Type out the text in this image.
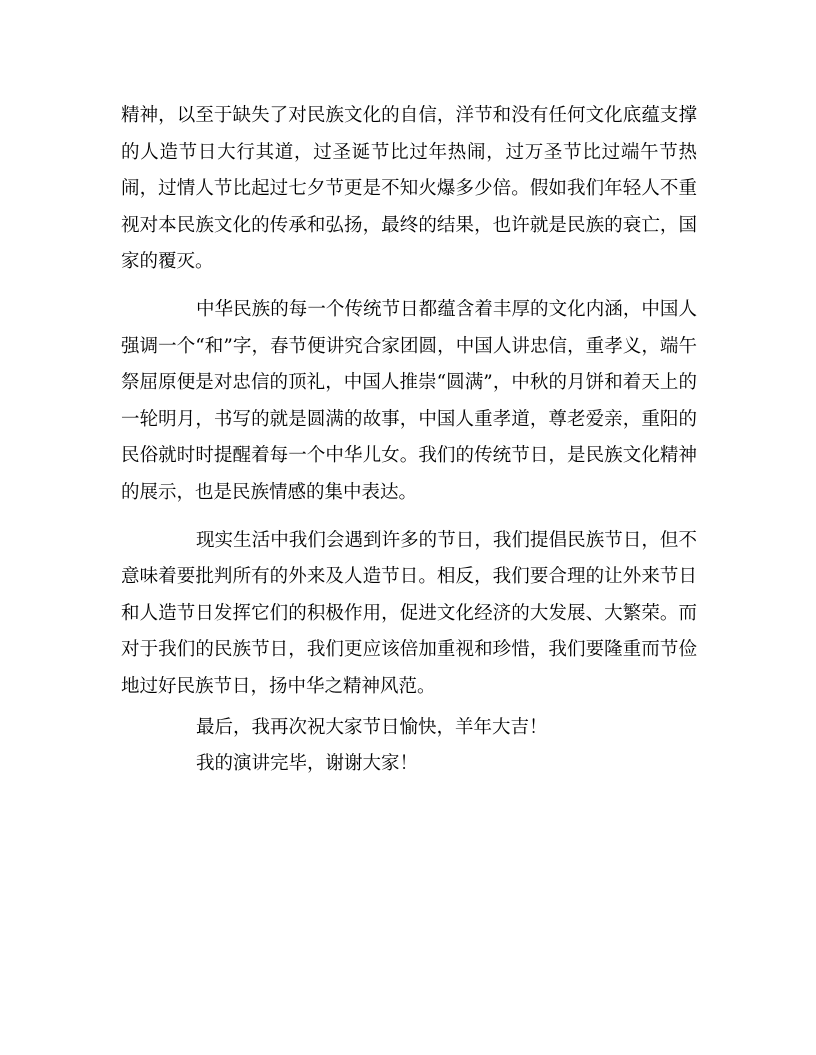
精神，以至于缺失了对民族文化的自信，洋节和没有任何文化底蕴支撑的人造节日大行其道，过圣诞节比过年热闹，过万圣节比过端午节热闹，过情人节比起过七夕节更是不知火爆多少倍。假如我们年轻人不重视对本民族文化的传承和弘扬，最终的结果，也许就是民族的衰亡，国家的覆灭。

中华民族的每一个传统节日都蕴含着丰厚的文化内涵，中国人强调一个“和”字，春节便讲究合家团圆，中国人讲忠信，重孝义，端午祭屈原便是对忠信的顶礼，中国人推崇“圆满”，中秋的月饼和着天上的一轮明月，书写的就是圆满的故事，中国人重孝道，尊老爱亲，重阳的民俗就时时提醒着每一个中华儿女。我们的传统节日，是民族文化精神的展示，也是民族情感的集中表达。

现实生活中我们会遇到许多的节日，我们提倡民族节日，但不意味着要批判所有的外来及人造节日。相反，我们要合理的让外来节日和人造节日发挥它们的积极作用，促进文化经济的大发展、大繁荣。而对于我们的民族节日，我们更应该倍加重视和珍惜，我们要隆重而节俭地过好民族节日，扬中华之精神风范。

最后，我再次祝大家节日愉快，羊年大吉！

我的演讲完毕，谢谢大家！
